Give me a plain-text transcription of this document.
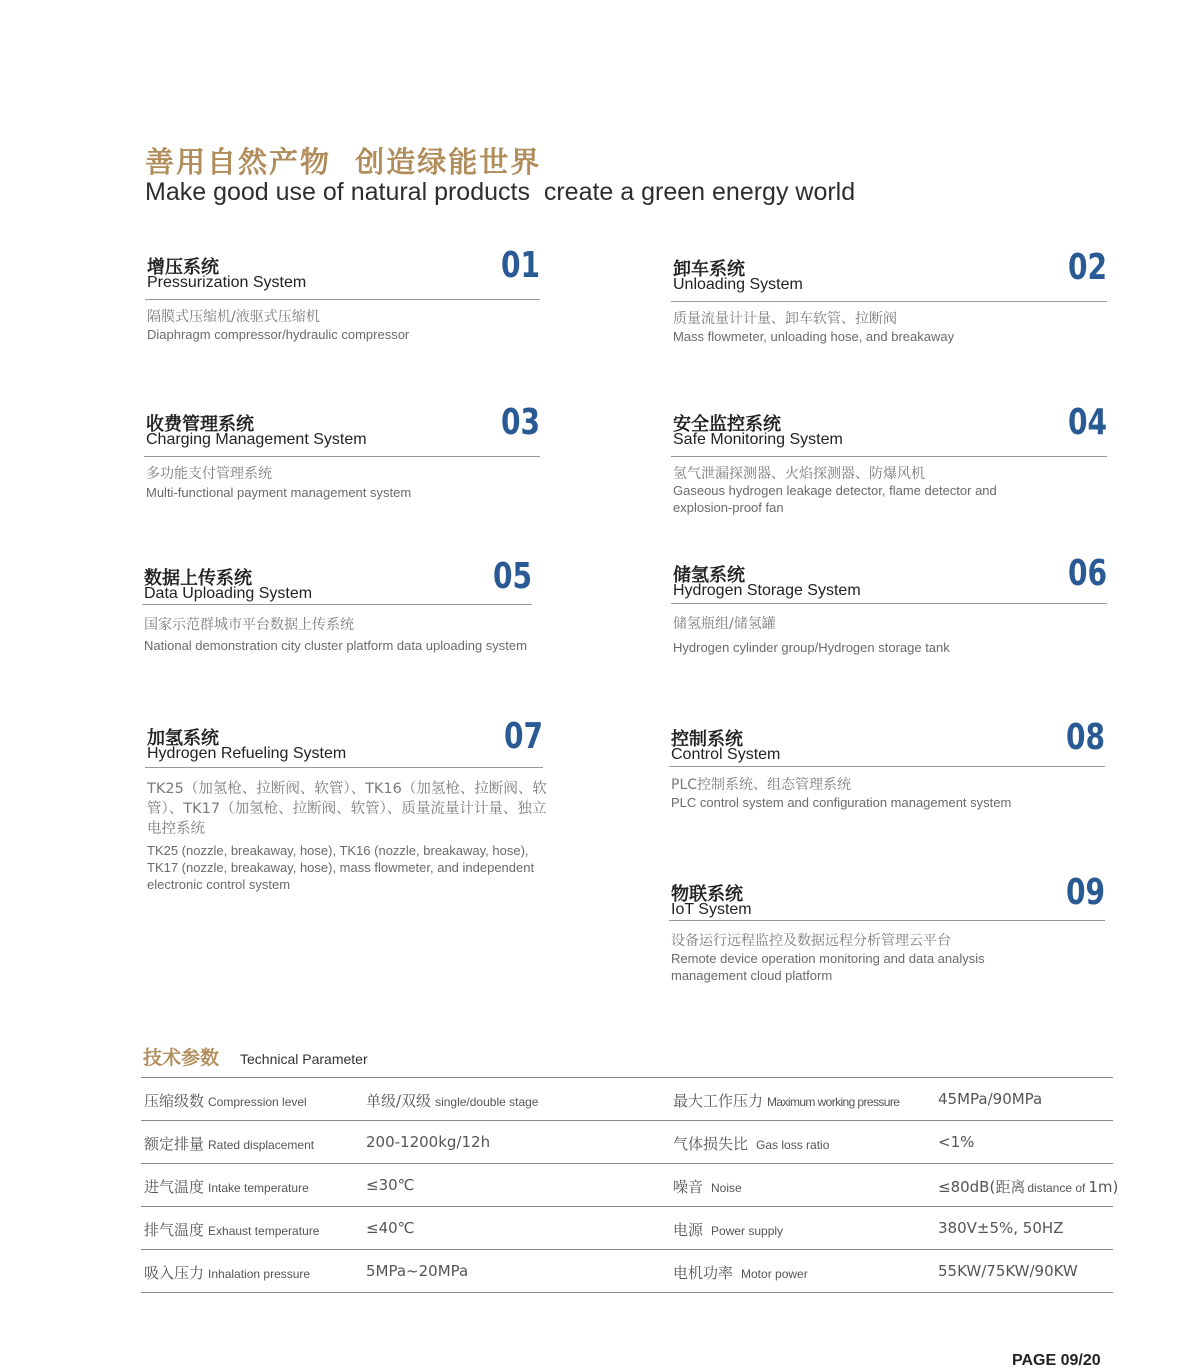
善用自然产物  创造绿能世界
Make good use of natural products  create a green energy world
增压系统
Pressurization System	01
隔膜式压缩机/液驱式压缩机
Diaphragm compressor/hydraulic compressor
卸车系统
Unloading System	02
质量流量计计量、卸车软管、拉断阀
Mass flowmeter, unloading hose, and breakaway
收费管理系统
Charging Management System	03
多功能支付管理系统
Multi-functional payment management system
安全监控系统
Safe Monitoring System	04
氢气泄漏探测器、火焰探测器、防爆风机
Gaseous hydrogen leakage detector, flame detector and explosion-proof fan
数据上传系统
Data Uploading System	05
国家示范群城市平台数据上传系统
National demonstration city cluster platform data uploading system
储氢系统
Hydrogen Storage System	06
储氢瓶组/储氢罐
Hydrogen cylinder group/Hydrogen storage tank
加氢系统
Hydrogen Refueling System	07
TK25（加氢枪、拉断阀、软管）、TK16（加氢枪、拉断阀、软管）、TK17（加氢枪、拉断阀、软管）、质量流量计计量、独立电控系统
TK25 (nozzle, breakaway, hose), TK16 (nozzle, breakaway, hose), TK17 (nozzle, breakaway, hose), mass flowmeter, and independent electronic control system
控制系统
Control System	08
PLC控制系统、组态管理系统
PLC control system and configuration management system
物联系统
IoT System	09
设备运行远程监控及数据远程分析管理云平台
Remote device operation monitoring and data analysis management cloud platform
技术参数 Technical Parameter
压缩级数 Compression level	单级/双级 single/double stage	最大工作压力 Maximum working pressure	45MPa/90MPa
额定排量 Rated displacement	200-1200kg/12h	气体损失比 Gas loss ratio	<1%
进气温度 Intake temperature	≤30℃	噪音 Noise	≤80dB(距离 distance of 1m)
排气温度 Exhaust temperature	≤40℃	电源 Power supply	380V±5%, 50HZ
吸入压力 Inhalation pressure	5MPa~20MPa	电机功率 Motor power	55KW/75KW/90KW
PAGE 09/20
